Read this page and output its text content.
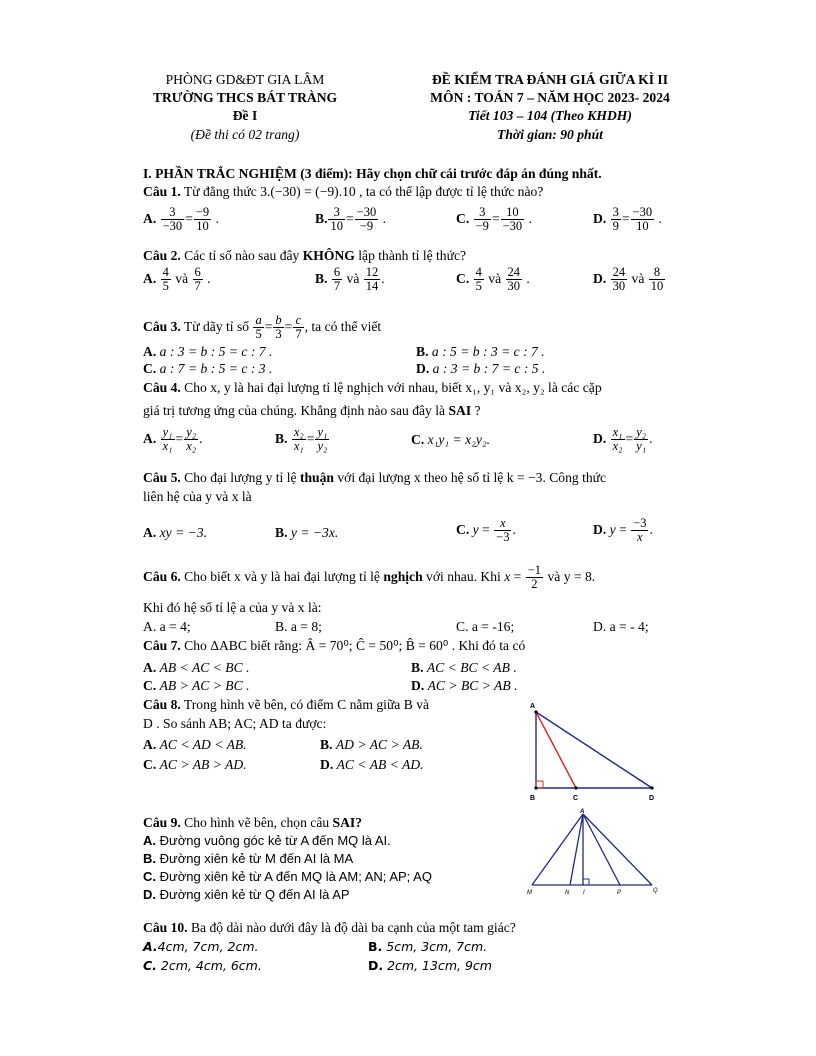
PHÒNG GD&ĐT GIA LÂM
TRƯỜNG THCS BÁT TRÀNG
Đề I
(Đề thi có 02 trang)
ĐỀ KIỂM TRA ĐÁNH GIÁ GIỮA KÌ II
MÔN : TOÁN 7 – NĂM HỌC 2023- 2024
Tiết 103 – 104 (Theo KHDH)
Thời gian: 90 phút
I. PHẦN TRẮC NGHIỆM (3 điểm): Hãy chọn chữ cái trước đáp án đúng nhất.
Câu 1. Từ đẳng thức 3.(−30) = (−9).10 , ta có thể lập được tỉ lệ thức nào?
A. $\frac{3}{-30} = \frac{-9}{10}$ .	B. $\frac{3}{10} = \frac{-30}{-9}$ .	C. $\frac{3}{-9} = \frac{10}{-30}$ .	D. $\frac{3}{9} = \frac{-30}{10}$ .
Câu 2. Các tỉ số nào sau đây KHÔNG lập thành tỉ lệ thức?
A. $\frac{4}{5}$ và $\frac{6}{7}$ .	B. $\frac{6}{7}$ và $\frac{12}{14}$ .	C. $\frac{4}{5}$ và $\frac{24}{30}$ .	D. $\frac{24}{30}$ và $\frac{8}{10}$
Câu 3. Từ dãy tỉ số $\frac{a}{5} = \frac{b}{3} = \frac{c}{7}$ , ta có thể viết
A. a : 3 = b : 5 = c : 7 .	B. a : 5 = b : 3 = c : 7 .
C. a : 7 = b : 5 = c : 3 .	D. a : 3 = b : 7 = c : 5 .
Câu 4. Cho x, y là hai đại lượng tỉ lệ nghịch với nhau, biết x₁, y₁ và x₂, y₂ là các cặp
giá trị tương ứng của chúng. Khẳng định nào sau đây là SAI ?
A. $\frac{\text{y₁}}{\text{x₁}} = \frac{\text{y₂}}{\text{x₂}}$ .	B. $\frac{\text{x₂}}{\text{x₁}} = \frac{\text{y₁}}{\text{y₂}}$	C. x₁y₁ = x₂y₂.	D. $\frac{\text{x₁}}{\text{x₂}} = \frac{\text{y₂}}{\text{y₁}}$ .
Câu 5. Cho đại lượng y tỉ lệ thuận với đại lượng x theo hệ số tỉ lệ k = −3. Công thức
liên hệ của y và x là
A. xy = −3.	B. y = −3x.	C. $y = \frac{x}{-3}$ .	D. $y = \frac{-3}{x}$ .
Câu 6. Cho biết x và y là hai đại lượng tỉ lệ nghịch với nhau. Khi $x = \frac{-1}{2}$ và y = 8.
Khi đó hệ số tỉ lệ a của y và x là:
A. a = 4;	B. a = 8;	C. a = -16;	D. a = - 4;
Câu 7. Cho ΔABC biết rằng: Â = 70⁰; Ĉ = 50⁰; B̂ = 60⁰ . Khi đó ta có
A. AB < AC < BC .	B. AC < BC < AB .
C. AB > AC > BC .	D. AC > BC > AB .
Câu 8. Trong hình vẽ bên, có điểm C nằm giữa B và
D . So sánh AB; AC; AD ta được:
A. AC < AD < AB.	B. AD > AC > AB.
C. AC > AB > AD.	D. AC < AB < AD.
A
B	C	D
Câu 9. Cho hình vẽ bên, chọn câu SAI?
A. Đường vuông góc kẻ từ A đến MQ là AI.
B. Đường xiên kẻ từ M đến AI là MA
C. Đường xiên kẻ từ A đến MQ là AM; AN; AP; AQ
D. Đường xiên kẻ từ Q đến AI là AP
A
M	N I	P	Q
Câu 10. Ba độ dài nào dưới đây là độ dài ba cạnh của một tam giác?
A.4cm, 7cm, 2cm.	B. 5cm, 3cm, 7cm.
C. 2cm, 4cm, 6cm.	D. 2cm, 13cm, 9cm
